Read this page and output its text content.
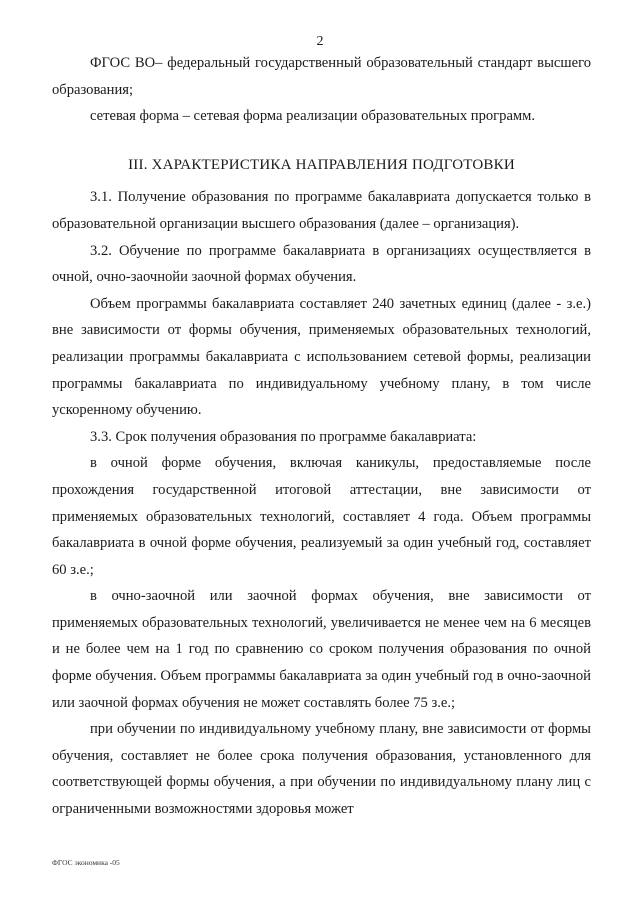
2

ФГОС ВО– федеральный государственный образовательный стандарт высшего образования;

сетевая форма – сетевая форма реализации образовательных программ.

III. ХАРАКТЕРИСТИКА НАПРАВЛЕНИЯ ПОДГОТОВКИ

3.1. Получение образования по программе бакалавриата допускается только в образовательной организации высшего образования (далее – организация).

3.2. Обучение по программе бакалавриата в организациях осуществляется в очной, очно-заочнойи заочной формах обучения.

Объем программы бакалавриата составляет 240 зачетных единиц (далее - з.е.) вне зависимости от формы обучения, применяемых образовательных технологий, реализации программы бакалавриата с использованием сетевой формы, реализации программы бакалавриата по индивидуальному учебному плану, в том числе ускоренному обучению.

3.3. Срок получения образования по программе бакалавриата:

в очной форме обучения, включая каникулы, предоставляемые после прохождения государственной итоговой аттестации, вне зависимости от применяемых образовательных технологий, составляет 4 года. Объем программы бакалавриата в очной форме обучения, реализуемый за один учебный год, составляет 60 з.е.;

в очно-заочной или заочной формах обучения, вне зависимости от применяемых образовательных технологий, увеличивается не менее чем на 6 месяцев и не более чем на 1 год по сравнению со сроком получения образования по очной форме обучения. Объем программы бакалавриата за один учебный год в очно-заочной или заочной формах обучения не может составлять более 75 з.е.;

при обучении по индивидуальному учебному плану, вне зависимости от формы обучения, составляет не более срока получения образования, установленного для соответствующей формы обучения, а при обучении по индивидуальному плану лиц с ограниченными возможностями здоровья может

ФГОС экономика -05
